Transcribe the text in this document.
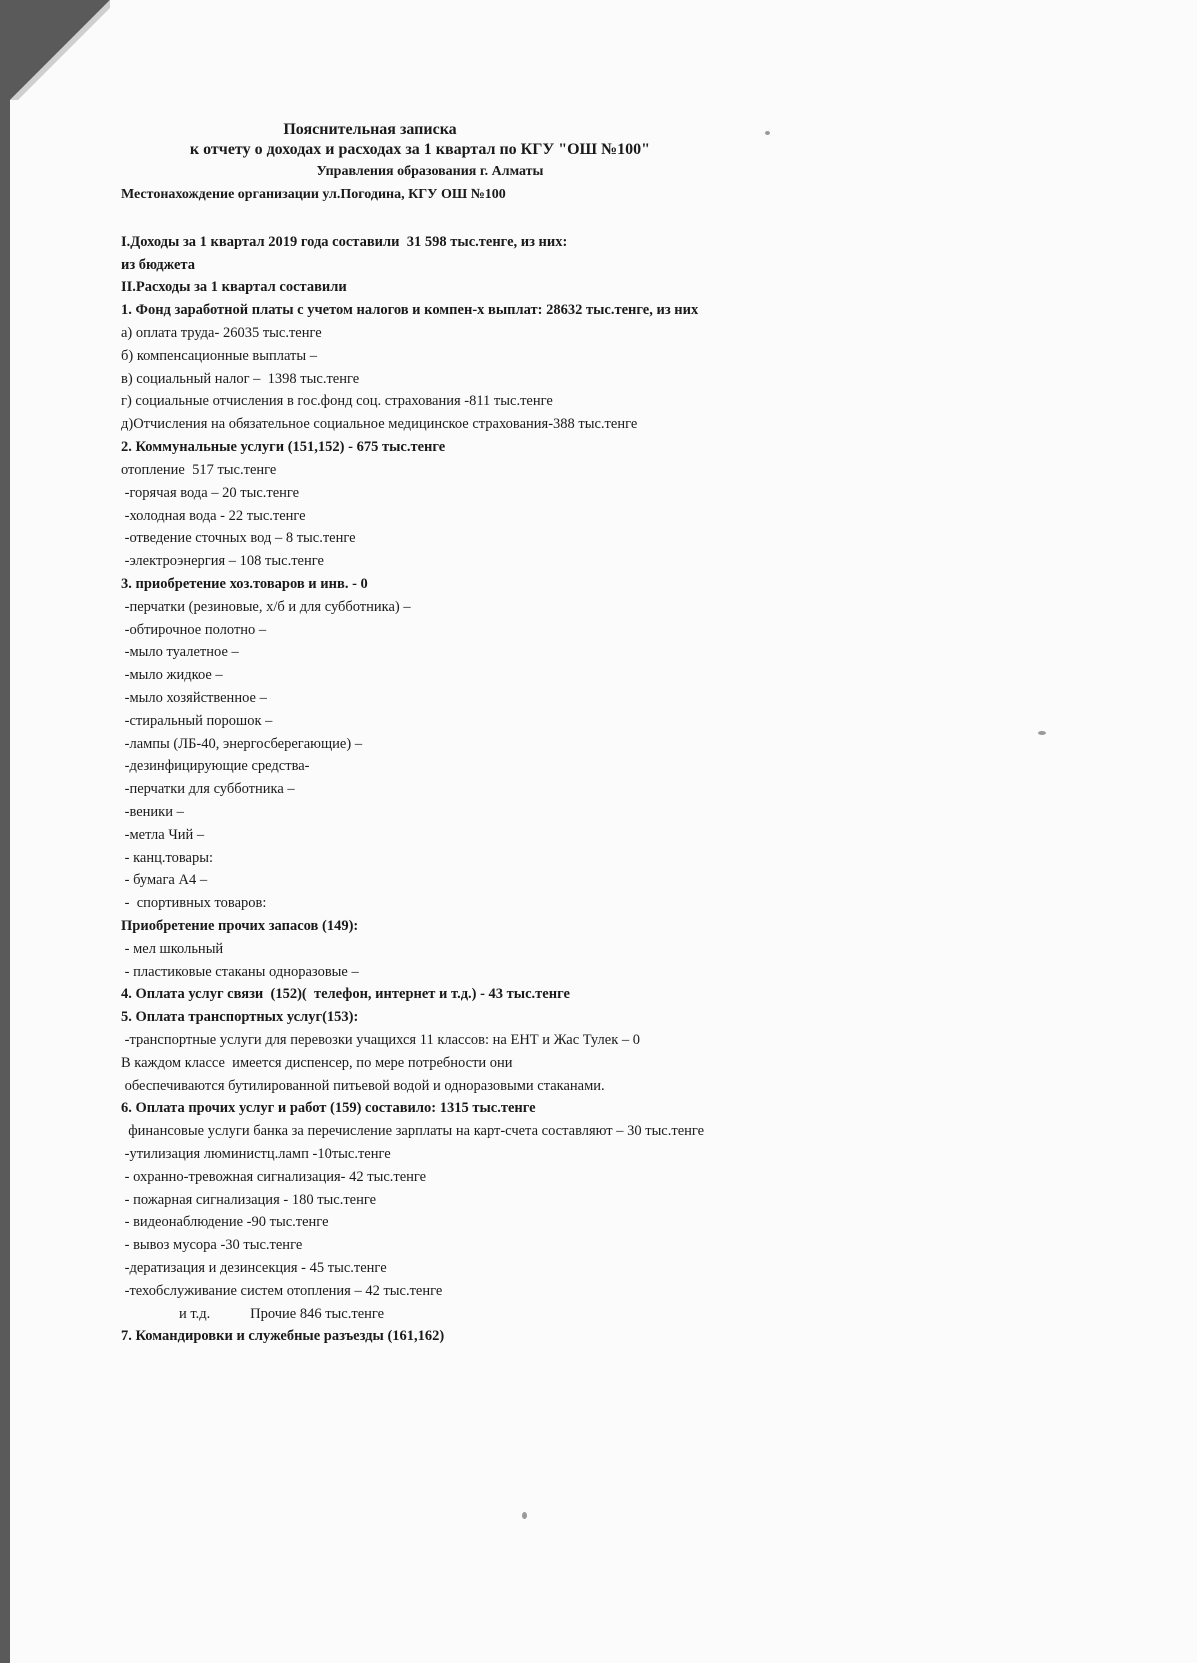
Пояснительная записка
к отчету о доходах и расходах за 1 квартал по КГУ "ОШ №100"
Управления образования г. Алматы
Местонахождение организации ул.Погодина, КГУ ОШ №100
I.Доходы за 1 квартал 2019 года составили  31 598 тыс.тенге, из них:
из бюджета
II.Расходы за 1 квартал составили
1. Фонд заработной платы с учетом налогов и компен-х выплат: 28632 тыс.тенге, из них
а) оплата труда- 26035 тыс.тенге
б) компенсационные выплаты –
в) социальный налог –  1398 тыс.тенге
г) социальные отчисления в гос.фонд соц. страхования -811 тыс.тенге
д)Отчисления на обязательное социальное медицинское страхования-388 тыс.тенге
2. Коммунальные услуги (151,152) - 675 тыс.тенге
отопление  517 тыс.тенге
-горячая вода – 20 тыс.тенге
-холодная вода - 22 тыс.тенге
-отведение сточных вод – 8 тыс.тенге
-электроэнергия – 108 тыс.тенге
3. приобретение хоз.товаров и инв. - 0
-перчатки (резиновые, х/б и для субботника) –
-обтирочное полотно –
-мыло туалетное –
-мыло жидкое –
-мыло хозяйственное –
-стиральный порошок –
-лампы (ЛБ-40, энергосберегающие) –
-дезинфицирующие средства-
-перчатки для субботника –
-веники –
-метла Чий –
- канц.товары:
- бумага А4 –
-  спортивных товаров:
Приобретение прочих запасов (149):
- мел школьный
- пластиковые стаканы одноразовые –
4. Оплата услуг связи  (152)(  телефон, интернет и т.д.) - 43 тыс.тенге
5. Оплата транспортных услуг(153):
-транспортные услуги для перевозки учащихся 11 классов: на ЕНТ и Жас Тулек – 0
В каждом классе  имеется диспенсер, по мере потребности они
обеспечиваются бутилированной питьевой водой и одноразовыми стаканами.
6. Оплата прочих услуг и работ (159) составило: 1315 тыс.тенге
финансовые услуги банка за перечисление зарплаты на карт-счета составляют – 30 тыс.тенге
-утилизация люминистц.ламп -10тыс.тенге
- охранно-тревожная сигнализация- 42 тыс.тенге
- пожарная сигнализация - 180 тыс.тенге
- видеонаблюдение -90 тыс.тенге
- вывоз мусора -30 тыс.тенге
-дератизация и дезинсекция - 45 тыс.тенге
-техобслуживание систем отопления – 42 тыс.тенге
и т.д.           Прочие 846 тыс.тенге
7. Командировки и служебные разъезды (161,162)
